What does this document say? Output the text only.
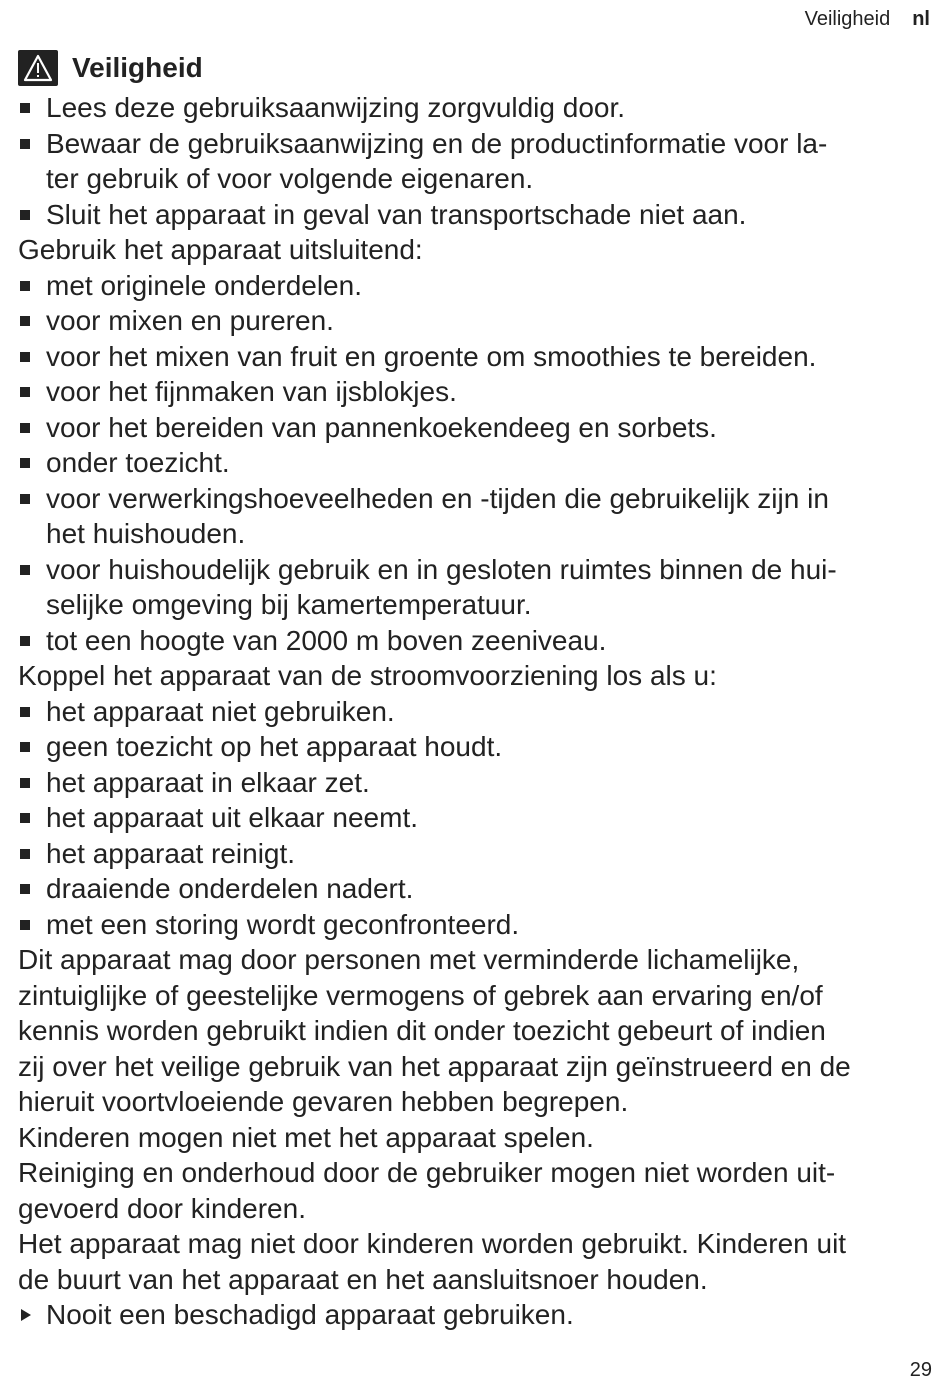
Veiligheid nl
Veiligheid
Lees deze gebruiksaanwijzing zorgvuldig door.
Bewaar de gebruiksaanwijzing en de productinformatie voor la-
ter gebruik of voor volgende eigenaren.
Sluit het apparaat in geval van transportschade niet aan.
Gebruik het apparaat uitsluitend:
met originele onderdelen.
voor mixen en pureren.
voor het mixen van fruit en groente om smoothies te bereiden.
voor het fijnmaken van ijsblokjes.
voor het bereiden van pannenkoekendeeg en sorbets.
onder toezicht.
voor verwerkingshoeveelheden en -tijden die gebruikelijk zijn in
het huishouden.
voor huishoudelijk gebruik en in gesloten ruimtes binnen de hui-
selijke omgeving bij kamertemperatuur.
tot een hoogte van 2000 m boven zeeniveau.
Koppel het apparaat van de stroomvoorziening los als u:
het apparaat niet gebruiken.
geen toezicht op het apparaat houdt.
het apparaat in elkaar zet.
het apparaat uit elkaar neemt.
het apparaat reinigt.
draaiende onderdelen nadert.
met een storing wordt geconfronteerd.
Dit apparaat mag door personen met verminderde lichamelijke,
zintuiglijke of geestelijke vermogens of gebrek aan ervaring en/of
kennis worden gebruikt indien dit onder toezicht gebeurt of indien
zij over het veilige gebruik van het apparaat zijn geïnstrueerd en de
hieruit voortvloeiende gevaren hebben begrepen.
Kinderen mogen niet met het apparaat spelen.
Reiniging en onderhoud door de gebruiker mogen niet worden uit-
gevoerd door kinderen.
Het apparaat mag niet door kinderen worden gebruikt. Kinderen uit
de buurt van het apparaat en het aansluitsnoer houden.
Nooit een beschadigd apparaat gebruiken.
29
